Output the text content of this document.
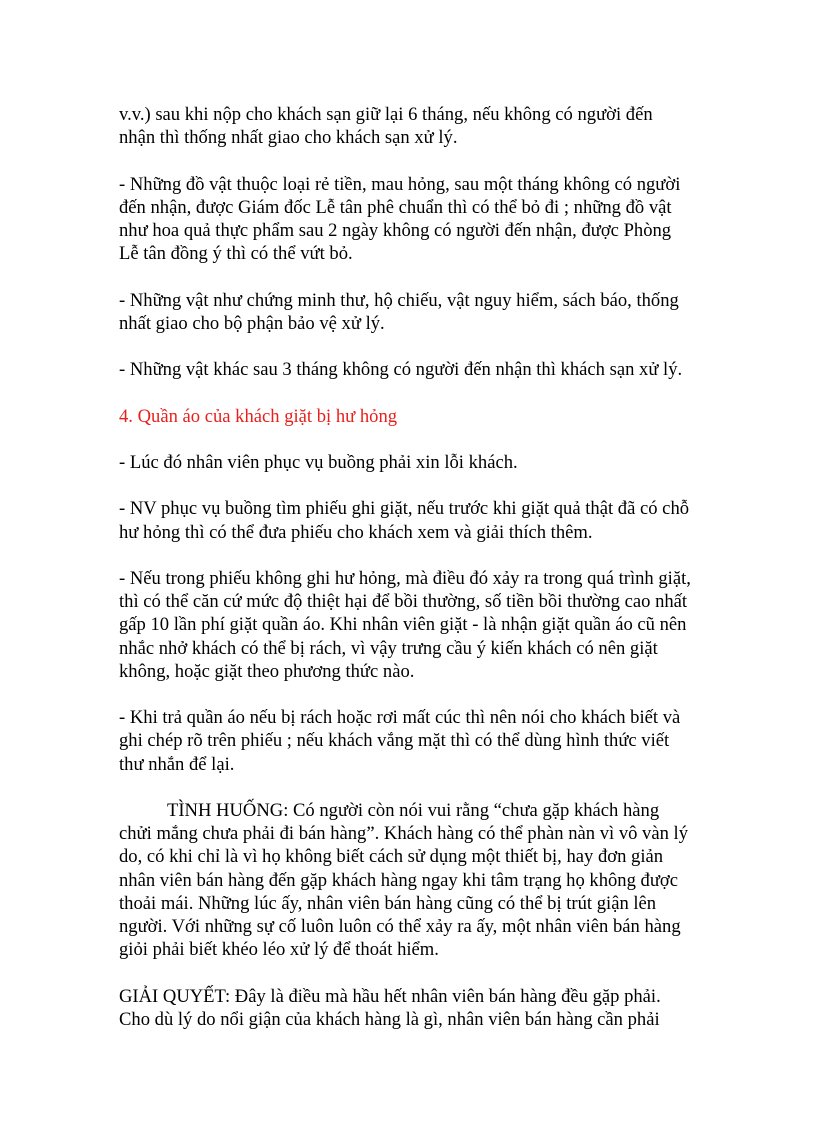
v.v.) sau khi nộp cho khách sạn giữ lại 6 tháng, nếu không có người đến
nhận thì thống nhất giao cho khách sạn xử lý.
- Những đồ vật thuộc loại rẻ tiền, mau hỏng, sau một tháng không có người
đến nhận, được Giám đốc Lễ tân phê chuẩn thì có thể bỏ đi ; những đồ vật
như hoa quả thực phẩm sau 2 ngày không có người đến nhận, được Phòng
Lễ tân đồng ý thì có thể vứt bỏ.
- Những vật như chứng minh thư, hộ chiếu, vật nguy hiểm, sách báo, thống
nhất giao cho bộ phận bảo vệ xử lý.
- Những vật khác sau 3 tháng không có người đến nhận thì khách sạn xử lý.
4. Quần áo của khách giặt bị hư hỏng
- Lúc đó nhân viên phục vụ buồng phải xin lỗi khách.
- NV phục vụ buồng tìm phiếu ghi giặt, nếu trước khi giặt quả thật đã có chỗ
hư hỏng thì có thể đưa phiếu cho khách xem và giải thích thêm.
- Nếu trong phiếu không ghi hư hỏng, mà điều đó xảy ra trong quá trình giặt,
thì có thể căn cứ mức độ thiệt hại để bồi thường, số tiền bồi thường cao nhất
gấp 10 lần phí giặt quần áo. Khi nhân viên giặt - là nhận giặt quần áo cũ nên
nhắc nhở khách có thể bị rách, vì vậy trưng cầu ý kiến khách có nên giặt
không, hoặc giặt theo phương thức nào.
- Khi trả quần áo nếu bị rách hoặc rơi mất cúc thì nên nói cho khách biết và
ghi chép rõ trên phiếu ; nếu khách vắng mặt thì có thể dùng hình thức viết
thư nhắn để lại.
TÌNH HUỐNG: Có người còn nói vui rằng “chưa gặp khách hàng
chửi mắng chưa phải đi bán hàng”. Khách hàng có thể phàn nàn vì vô vàn lý
do, có khi chỉ là vì họ không biết cách sử dụng một thiết bị, hay đơn giản
nhân viên bán hàng đến gặp khách hàng ngay khi tâm trạng họ không được
thoải mái. Những lúc ấy, nhân viên bán hàng cũng có thể bị trút giận lên
người. Với những sự cố luôn luôn có thể xảy ra ấy, một nhân viên bán hàng
giỏi phải biết khéo léo xử lý để thoát hiểm.
GIẢI QUYẾT: Đây là điều mà hầu hết nhân viên bán hàng đều gặp phải.
Cho dù lý do nổi giận của khách hàng là gì, nhân viên bán hàng cần phải
